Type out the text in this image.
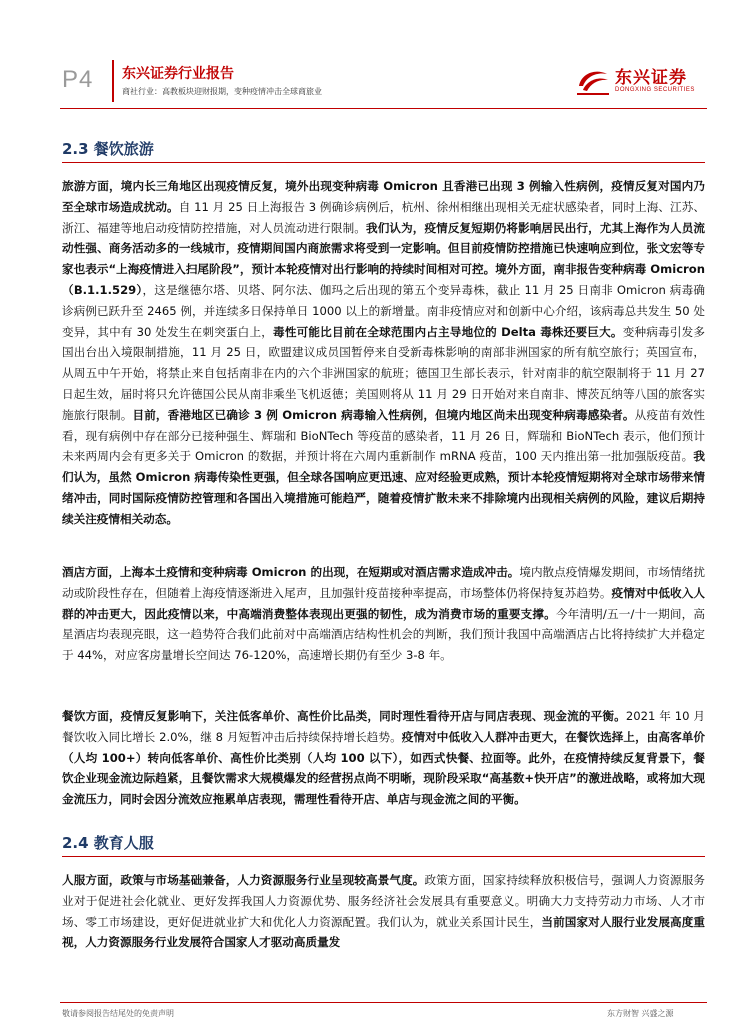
P4 东兴证券行业报告
商社行业：高教板块迎财报期，变种疫情冲击全球商旅业
东兴证券
DONGXING SECURITIES
2.3 餐饮旅游

旅游方面，境内长三角地区出现疫情反复，境外出现变种病毒 Omicron 且香港已出现 3 例输入性病例，疫情反复对国内乃至全球市场造成扰动。自 11 月 25 日上海报告 3 例确诊病例后，杭州、徐州相继出现相关无症状感染者，同时上海、江苏、浙江、福建等地启动疫情防控措施，对人员流动进行限制。我们认为，疫情反复短期仍将影响居民出行，尤其上海作为人员流动性强、商务活动多的一线城市，疫情期间国内商旅需求将受到一定影响。但目前疫情防控措施已快速响应到位，张文宏等专家也表示“上海疫情进入扫尾阶段”，预计本轮疫情对出行影响的持续时间相对可控。境外方面，南非报告变种病毒 Omicron（B.1.1.529），这是继德尔塔、贝塔、阿尔法、伽玛之后出现的第五个变异毒株，截止 11 月 25 日南非 Omicron 病毒确诊病例已跃升至 2465 例，并连续多日保持单日 1000 以上的新增量。南非疫情应对和创新中心介绍，该病毒总共发生 50 处变异，其中有 30 处发生在刺突蛋白上，毒性可能比目前在全球范围内占主导地位的 Delta 毒株还要巨大。变种病毒引发多国出台出入境限制措施，11 月 25 日，欧盟建议成员国暂停来自受新毒株影响的南部非洲国家的所有航空旅行；英国宣布，从周五中午开始，将禁止来自包括南非在内的六个非洲国家的航班；德国卫生部长表示，针对南非的航空限制将于 11 月 27 日起生效，届时将只允许德国公民从南非乘坐飞机返德；美国则将从 11 月 29 日开始对来自南非、博茨瓦纳等八国的旅客实施旅行限制。目前，香港地区已确诊 3 例 Omicron 病毒输入性病例，但境内地区尚未出现变种病毒感染者。从疫苗有效性看，现有病例中存在部分已接种强生、辉瑞和 BioNTech 等疫苗的感染者，11 月 26 日，辉瑞和 BioNTech 表示，他们预计未来两周内会有更多关于 Omicron 的数据，并预计将在六周内重新制作 mRNA 疫苗，100 天内推出第一批加强版疫苗。我们认为，虽然 Omicron 病毒传染性更强，但全球各国响应更迅速、应对经验更成熟，预计本轮疫情短期将对全球市场带来情绪冲击，同时国际疫情防控管理和各国出入境措施可能趋严，随着疫情扩散未来不排除境内出现相关病例的风险，建议后期持续关注疫情相关动态。

酒店方面，上海本土疫情和变种病毒 Omicron 的出现，在短期或对酒店需求造成冲击。境内散点疫情爆发期间，市场情绪扰动或阶段性存在，但随着上海疫情逐渐进入尾声，且加强针疫苗接种率提高，市场整体仍将保持复苏趋势。疫情对中低收入人群的冲击更大，因此疫情以来，中高端消费整体表现出更强的韧性，成为消费市场的重要支撑。今年清明/五一/十一期间，高星酒店均表现亮眼，这一趋势符合我们此前对中高端酒店结构性机会的判断，我们预计我国中高端酒店占比将持续扩大并稳定于 44%，对应客房量增长空间达 76-120%，高速增长期仍有至少 3-8 年。

餐饮方面，疫情反复影响下，关注低客单价、高性价比品类，同时理性看待开店与同店表现、现金流的平衡。2021 年 10 月餐饮收入同比增长 2.0%，继 8 月短暂冲击后持续保持增长趋势。疫情对中低收入人群冲击更大，在餐饮选择上，由高客单价（人均 100+）转向低客单价、高性价比类别（人均 100 以下），如西式快餐、拉面等。此外，在疫情持续反复背景下，餐饮企业现金流边际趋紧，且餐饮需求大规模爆发的经营拐点尚不明晰，现阶段采取“高基数+快开店”的激进战略，或将加大现金流压力，同时会因分流效应拖累单店表现，需理性看待开店、单店与现金流之间的平衡。

2.4 教育人服

人服方面，政策与市场基础兼备，人力资源服务行业呈现较高景气度。政策方面，国家持续释放积极信号，强调人力资源服务业对于促进社会化就业、更好发挥我国人力资源优势、服务经济社会发展具有重要意义。明确大力支持劳动力市场、人才市场、零工市场建设，更好促进就业扩大和优化人力资源配置。我们认为，就业关系国计民生，当前国家对人服行业发展高度重视，人力资源服务行业发展符合国家人才驱动高质量发

敬请参阅报告结尾处的免责声明	东方财智 兴盛之源
